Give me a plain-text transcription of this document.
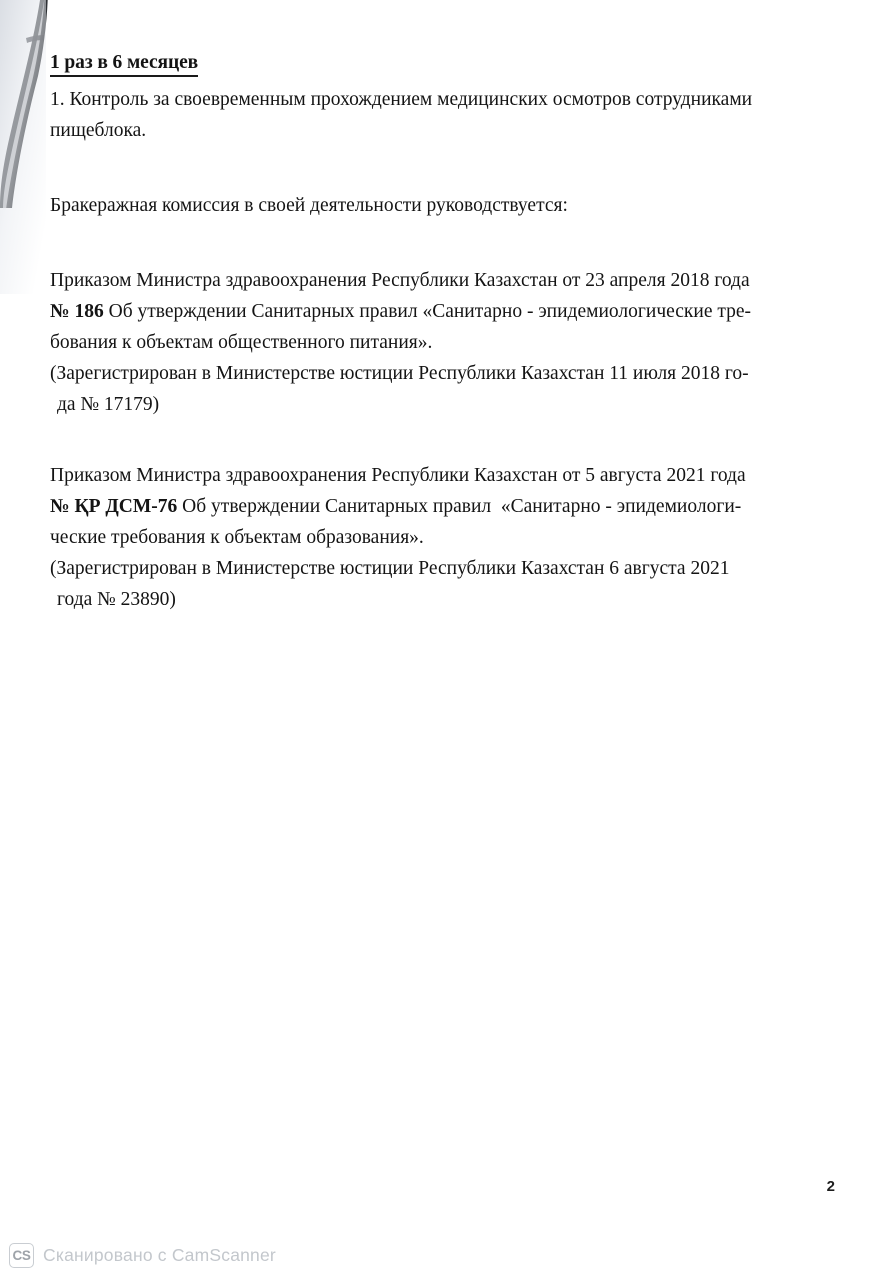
1 раз в 6 месяцев

1. Контроль за своевременным прохождением медицинских осмотров сотрудниками пищеблока.

Бракеражная комиссия в своей деятельности руководствуется:

Приказом Министра здравоохранения Республики Казахстан от 23 апреля 2018 года
№ 186 Об утверждении Санитарных правил «Санитарно - эпидемиологические тре-
бования к объектам общественного питания».
(Зарегистрирован в Министерстве юстиции Республики Казахстан 11 июля 2018 го-
да № 17179)
Приказом Министра здравоохранения Республики Казахстан от 5 августа 2021 года
№ ҚР ДСМ-76 Об утверждении Санитарных правил  «Санитарно - эпидемиологи-
ческие требования к объектам образования».
(Зарегистрирован в Министерстве юстиции Республики Казахстан 6 августа 2021
года № 23890)
2
CS Сканировано с CamScanner
